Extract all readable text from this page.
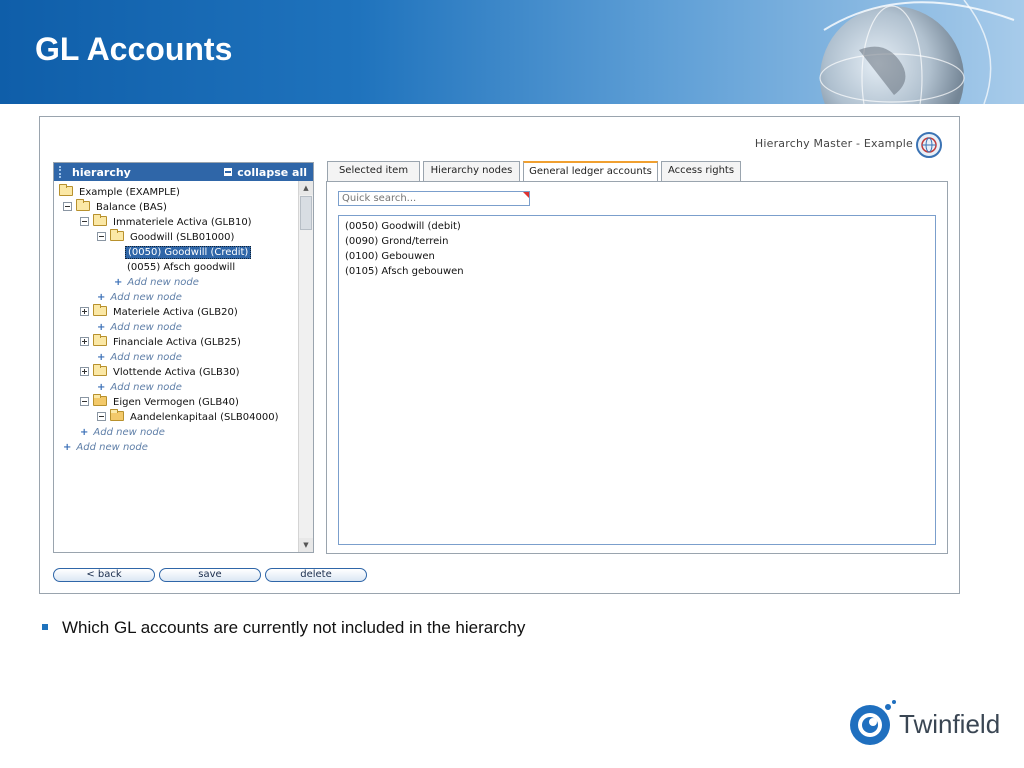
GL Accounts
Hierarchy Master - Example
hierarchy	collapse all
Example (EXAMPLE)
Balance (BAS)
Immateriele Activa (GLB10)
Goodwill (SLB01000)
(0050) Goodwill (Credit)
(0055) Afsch goodwill
+ Add new node
+ Add new node
Materiele Activa (GLB20)
+ Add new node
Financiale Activa (GLB25)
+ Add new node
Vlottende Activa (GLB30)
+ Add new node
Eigen Vermogen (GLB40)
Aandelenkapitaal (SLB04000)
+ Add new node
+ Add new node
▲
▼
Selected item	Hierarchy nodes	General ledger accounts	Access rights
Quick search...
(0050) Goodwill (debit)
(0090) Grond/terrein
(0100) Gebouwen
(0105) Afsch gebouwen
< back	save	delete
Which GL accounts are currently not included in the hierarchy
Twinfield
